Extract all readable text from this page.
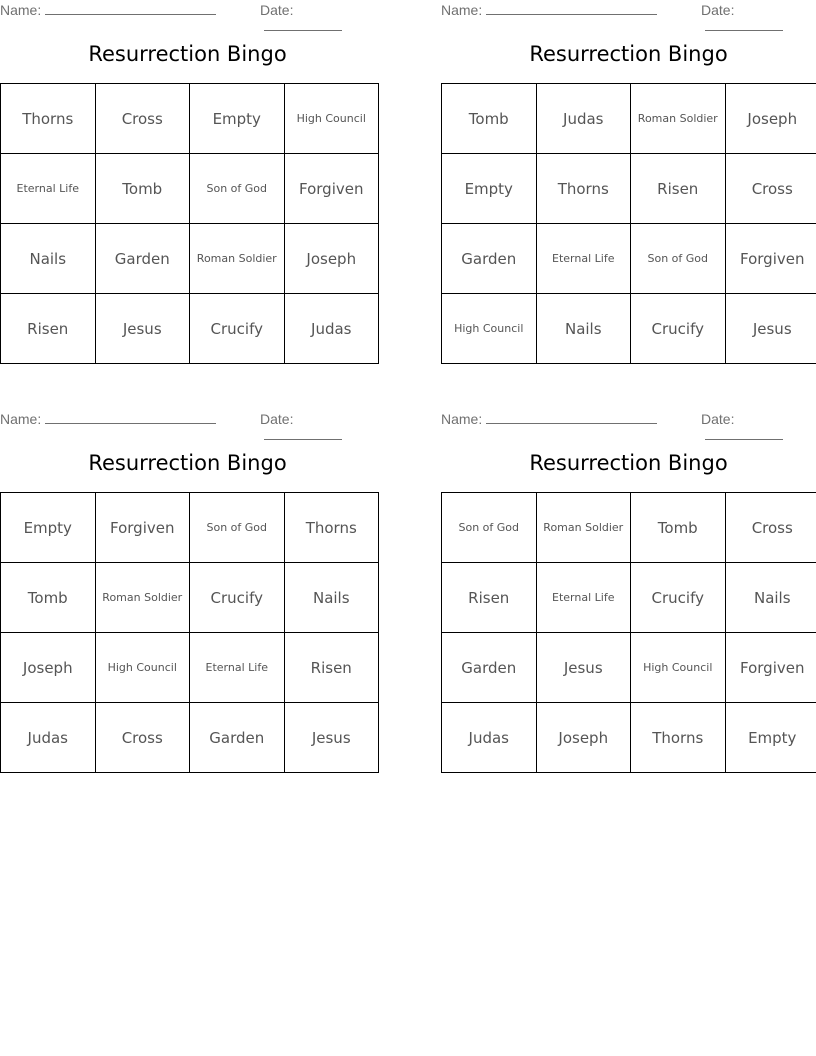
Name:	Date:
Resurrection Bingo
Thorns	Cross	Empty	High Council
Eternal Life	Tomb	Son of God	Forgiven
Nails	Garden	Roman Soldier	Joseph
Risen	Jesus	Crucify	Judas
Name:	Date:
Resurrection Bingo
Tomb	Judas	Roman Soldier	Joseph
Empty	Thorns	Risen	Cross
Garden	Eternal Life	Son of God	Forgiven
High Council	Nails	Crucify	Jesus
Name:	Date:
Resurrection Bingo
Empty	Forgiven	Son of God	Thorns
Tomb	Roman Soldier	Crucify	Nails
Joseph	High Council	Eternal Life	Risen
Judas	Cross	Garden	Jesus
Name:	Date:
Resurrection Bingo
Son of God	Roman Soldier	Tomb	Cross
Risen	Eternal Life	Crucify	Nails
Garden	Jesus	High Council	Forgiven
Judas	Joseph	Thorns	Empty
